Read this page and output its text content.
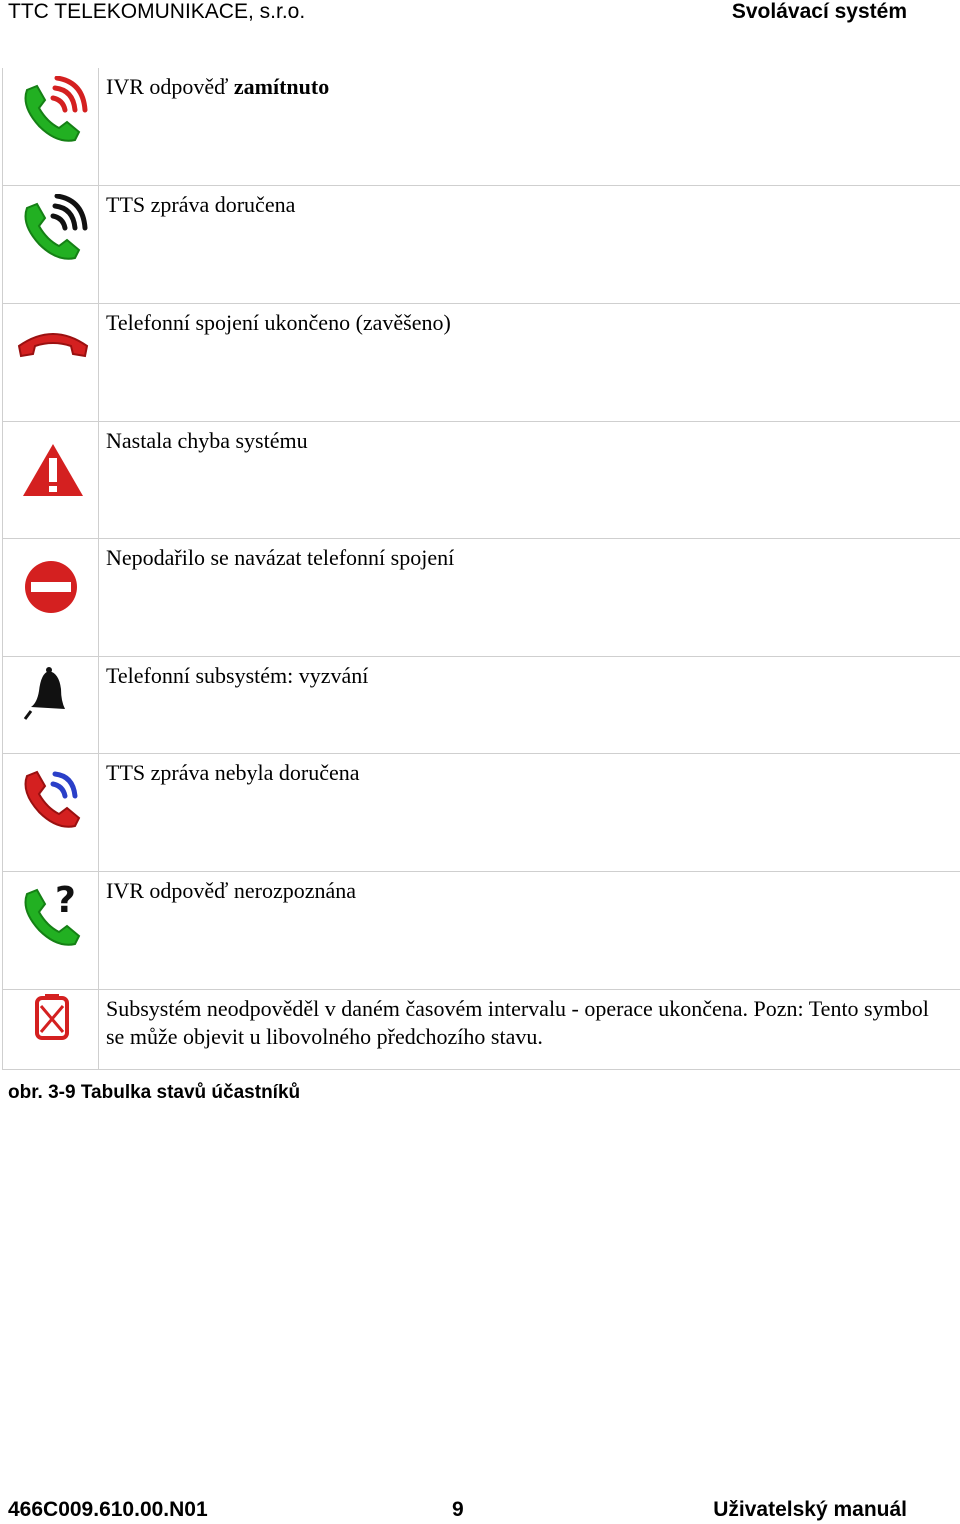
TTC TELEKOMUNIKACE, s.r.o.	Svolávací systém
IVR odpověď zamítnuto
TTS zpráva doručena
Telefonní spojení ukončeno (zavěšeno)
Nastala chyba systému
Nepodařilo se navázat telefonní spojení
Telefonní subsystém: vyzvání
TTS zpráva nebyla doručena
?	IVR odpověď nerozpoznána
Subsystém neodpověděl v daném časovém intervalu - operace ukončena. Pozn: Tento symbol se může objevit u libovolného předchozího stavu.
obr. 3-9 Tabulka stavů účastníků
466C009.610.00.N01	9	Uživatelský manuál
